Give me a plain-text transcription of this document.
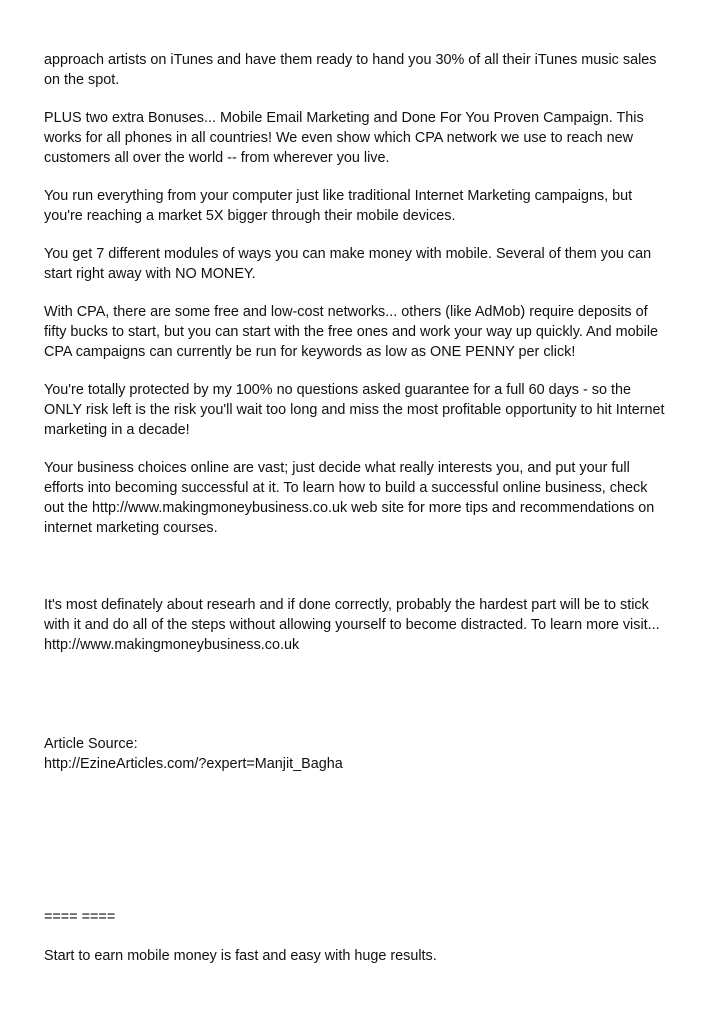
approach artists on iTunes and have them ready to hand you 30% of all their iTunes music sales

on the spot.

PLUS two extra Bonuses... Mobile Email Marketing and Done For You Proven Campaign. This

works for all phones in all countries! We even show which CPA network we use to reach new

customers all over the world -- from wherever you live.

You run everything from your computer just like traditional Internet Marketing campaigns, but

you're reaching a market 5X bigger through their mobile devices.

You get 7 different modules of ways you can make money with mobile. Several of them you can

start right away with NO MONEY.

With CPA, there are some free and low-cost networks... others (like AdMob) require deposits of

fifty bucks to start, but you can start with the free ones and work your way up quickly. And mobile

CPA campaigns can currently be run for keywords as low as ONE PENNY per click!

You're totally protected by my 100% no questions asked guarantee for a full 60 days - so the

ONLY risk left is the risk you'll wait too long and miss the most profitable opportunity to hit Internet

marketing in a decade!

Your business choices online are vast; just decide what really interests you, and put your full

efforts into becoming successful at it. To learn how to build a successful online business, check

out the http://www.makingmoneybusiness.co.uk web site for more tips and recommendations on

internet marketing courses.

It's most definately about researh and if done correctly, probably the hardest part will be to stick

with it and do all of the steps without allowing yourself to become distracted. To learn more visit...

http://www.makingmoneybusiness.co.uk

Article Source:

http://EzineArticles.com/?expert=Manjit_Bagha

==== ====

Start to earn mobile money is fast and easy with huge results.
